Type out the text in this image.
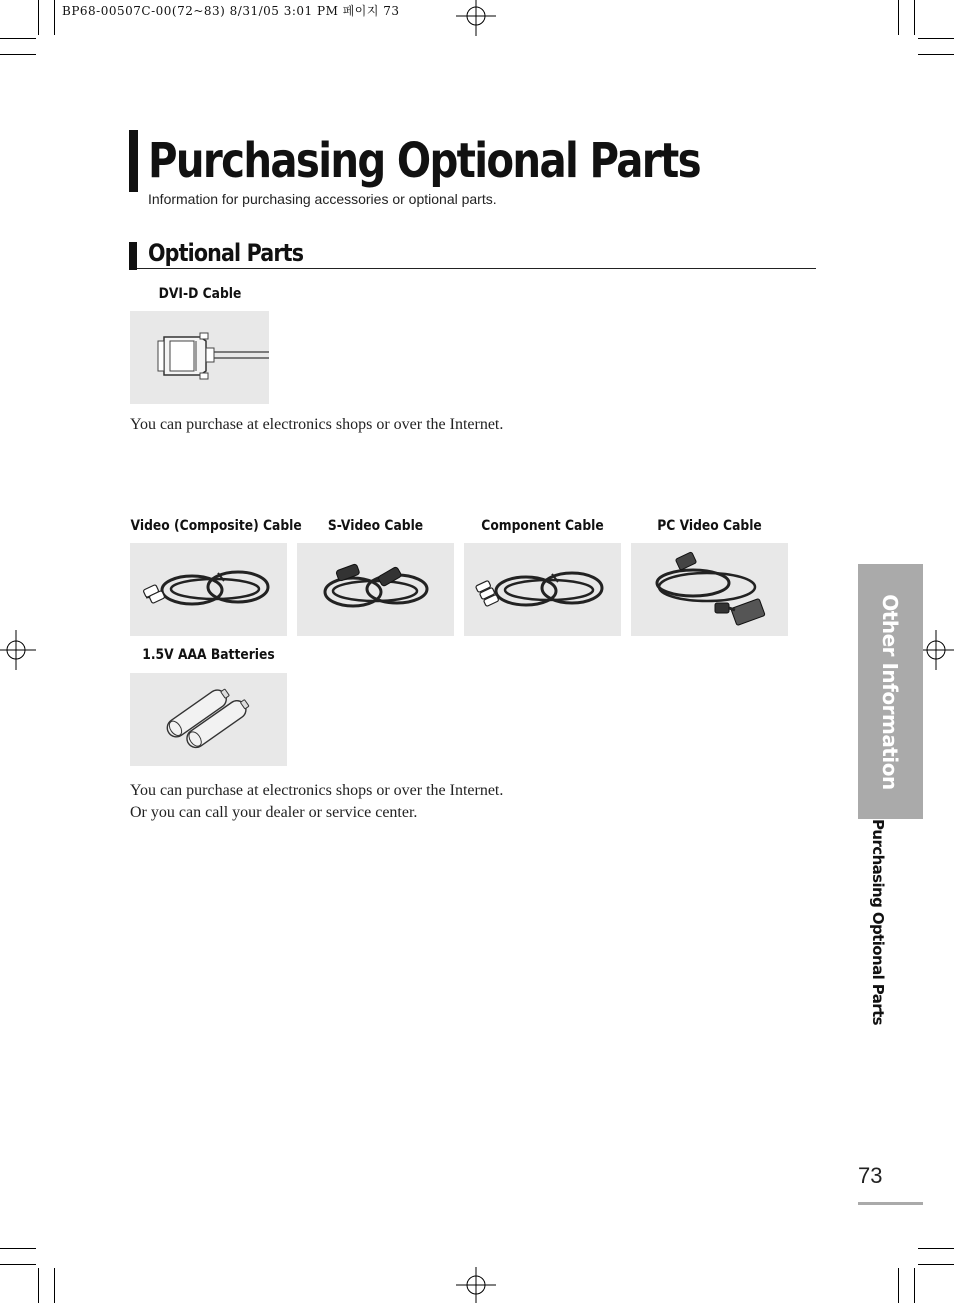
BP68-00507C-00(72~83) 8/31/05 3:01 PM 페이지 73
Purchasing Optional Parts
Information for purchasing accessories or optional parts.
Optional Parts
DVI-D Cable
You can purchase at electronics shops or over the Internet.
Video (Composite) Cable	S-Video Cable	Component Cable	PC Video Cable
1.5V AAA Batteries
You can purchase at electronics shops or over the Internet.
Or you can call your dealer or service center.
Other Information
Purchasing Optional Parts
73
